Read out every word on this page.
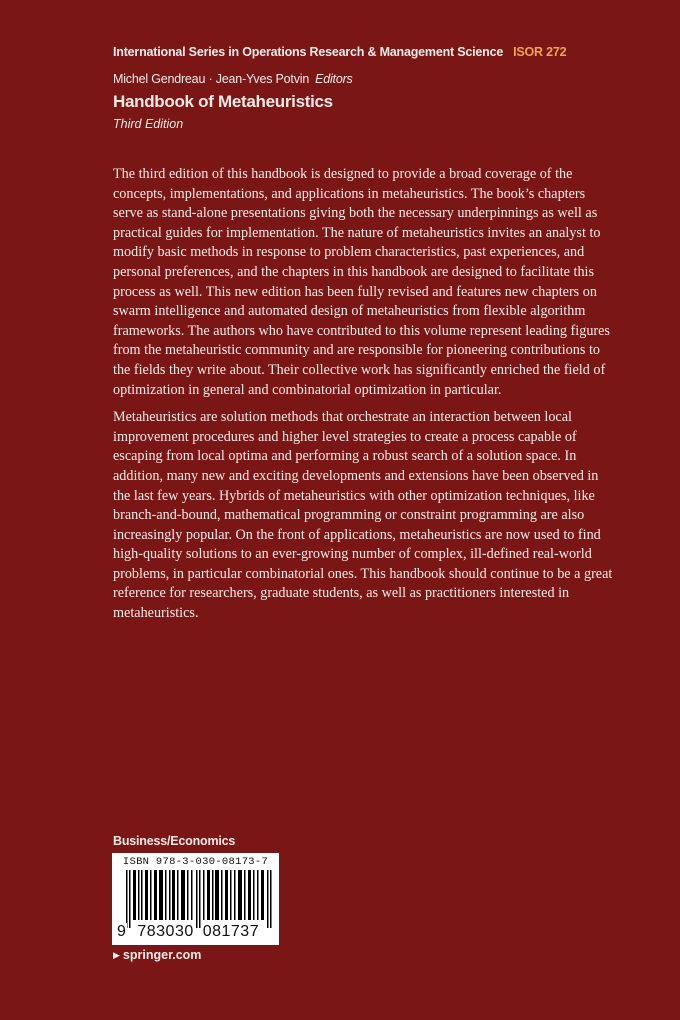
International Series in Operations Research & Management Science ISOR 272
Michel Gendreau · Jean-Yves Potvin Editors
Handbook of Metaheuristics
Third Edition

The third edition of this handbook is designed to provide a broad coverage of the concepts, implementations, and applications in metaheuristics. The book’s chapters serve as stand-alone presentations giving both the necessary underpinnings as well as practical guides for implementation. The nature of metaheuristics invites an analyst to modify basic methods in response to problem characteristics, past experiences, and personal preferences, and the chapters in this handbook are designed to facilitate this process as well. This new edition has been fully revised and features new chapters on swarm intelligence and automated design of metaheuristics from flexible algorithm frameworks. The authors who have contributed to this volume represent leading figures from the metaheuristic community and are responsible for pioneering contributions to the fields they write about. Their collective work has significantly enriched the field of optimization in general and combinatorial optimization in particular.

Metaheuristics are solution methods that orchestrate an interaction between local improvement procedures and higher level strategies to create a process capable of escaping from local optima and performing a robust search of a solution space. In addition, many new and exciting developments and extensions have been observed in the last few years. Hybrids of metaheuristics with other optimization techniques, like branch-and-bound, mathematical programming or constraint programming are also increasingly popular. On the front of applications, metaheuristics are now used to find high-quality solutions to an ever-growing number of complex, ill-defined real-world problems, in particular combinatorial ones. This handbook should continue to be a great reference for researchers, graduate students, as well as practitioners interested in metaheuristics.

Business/Economics
ISBN 978-3-030-08173-7
9 783030 081737
▶ springer.com
